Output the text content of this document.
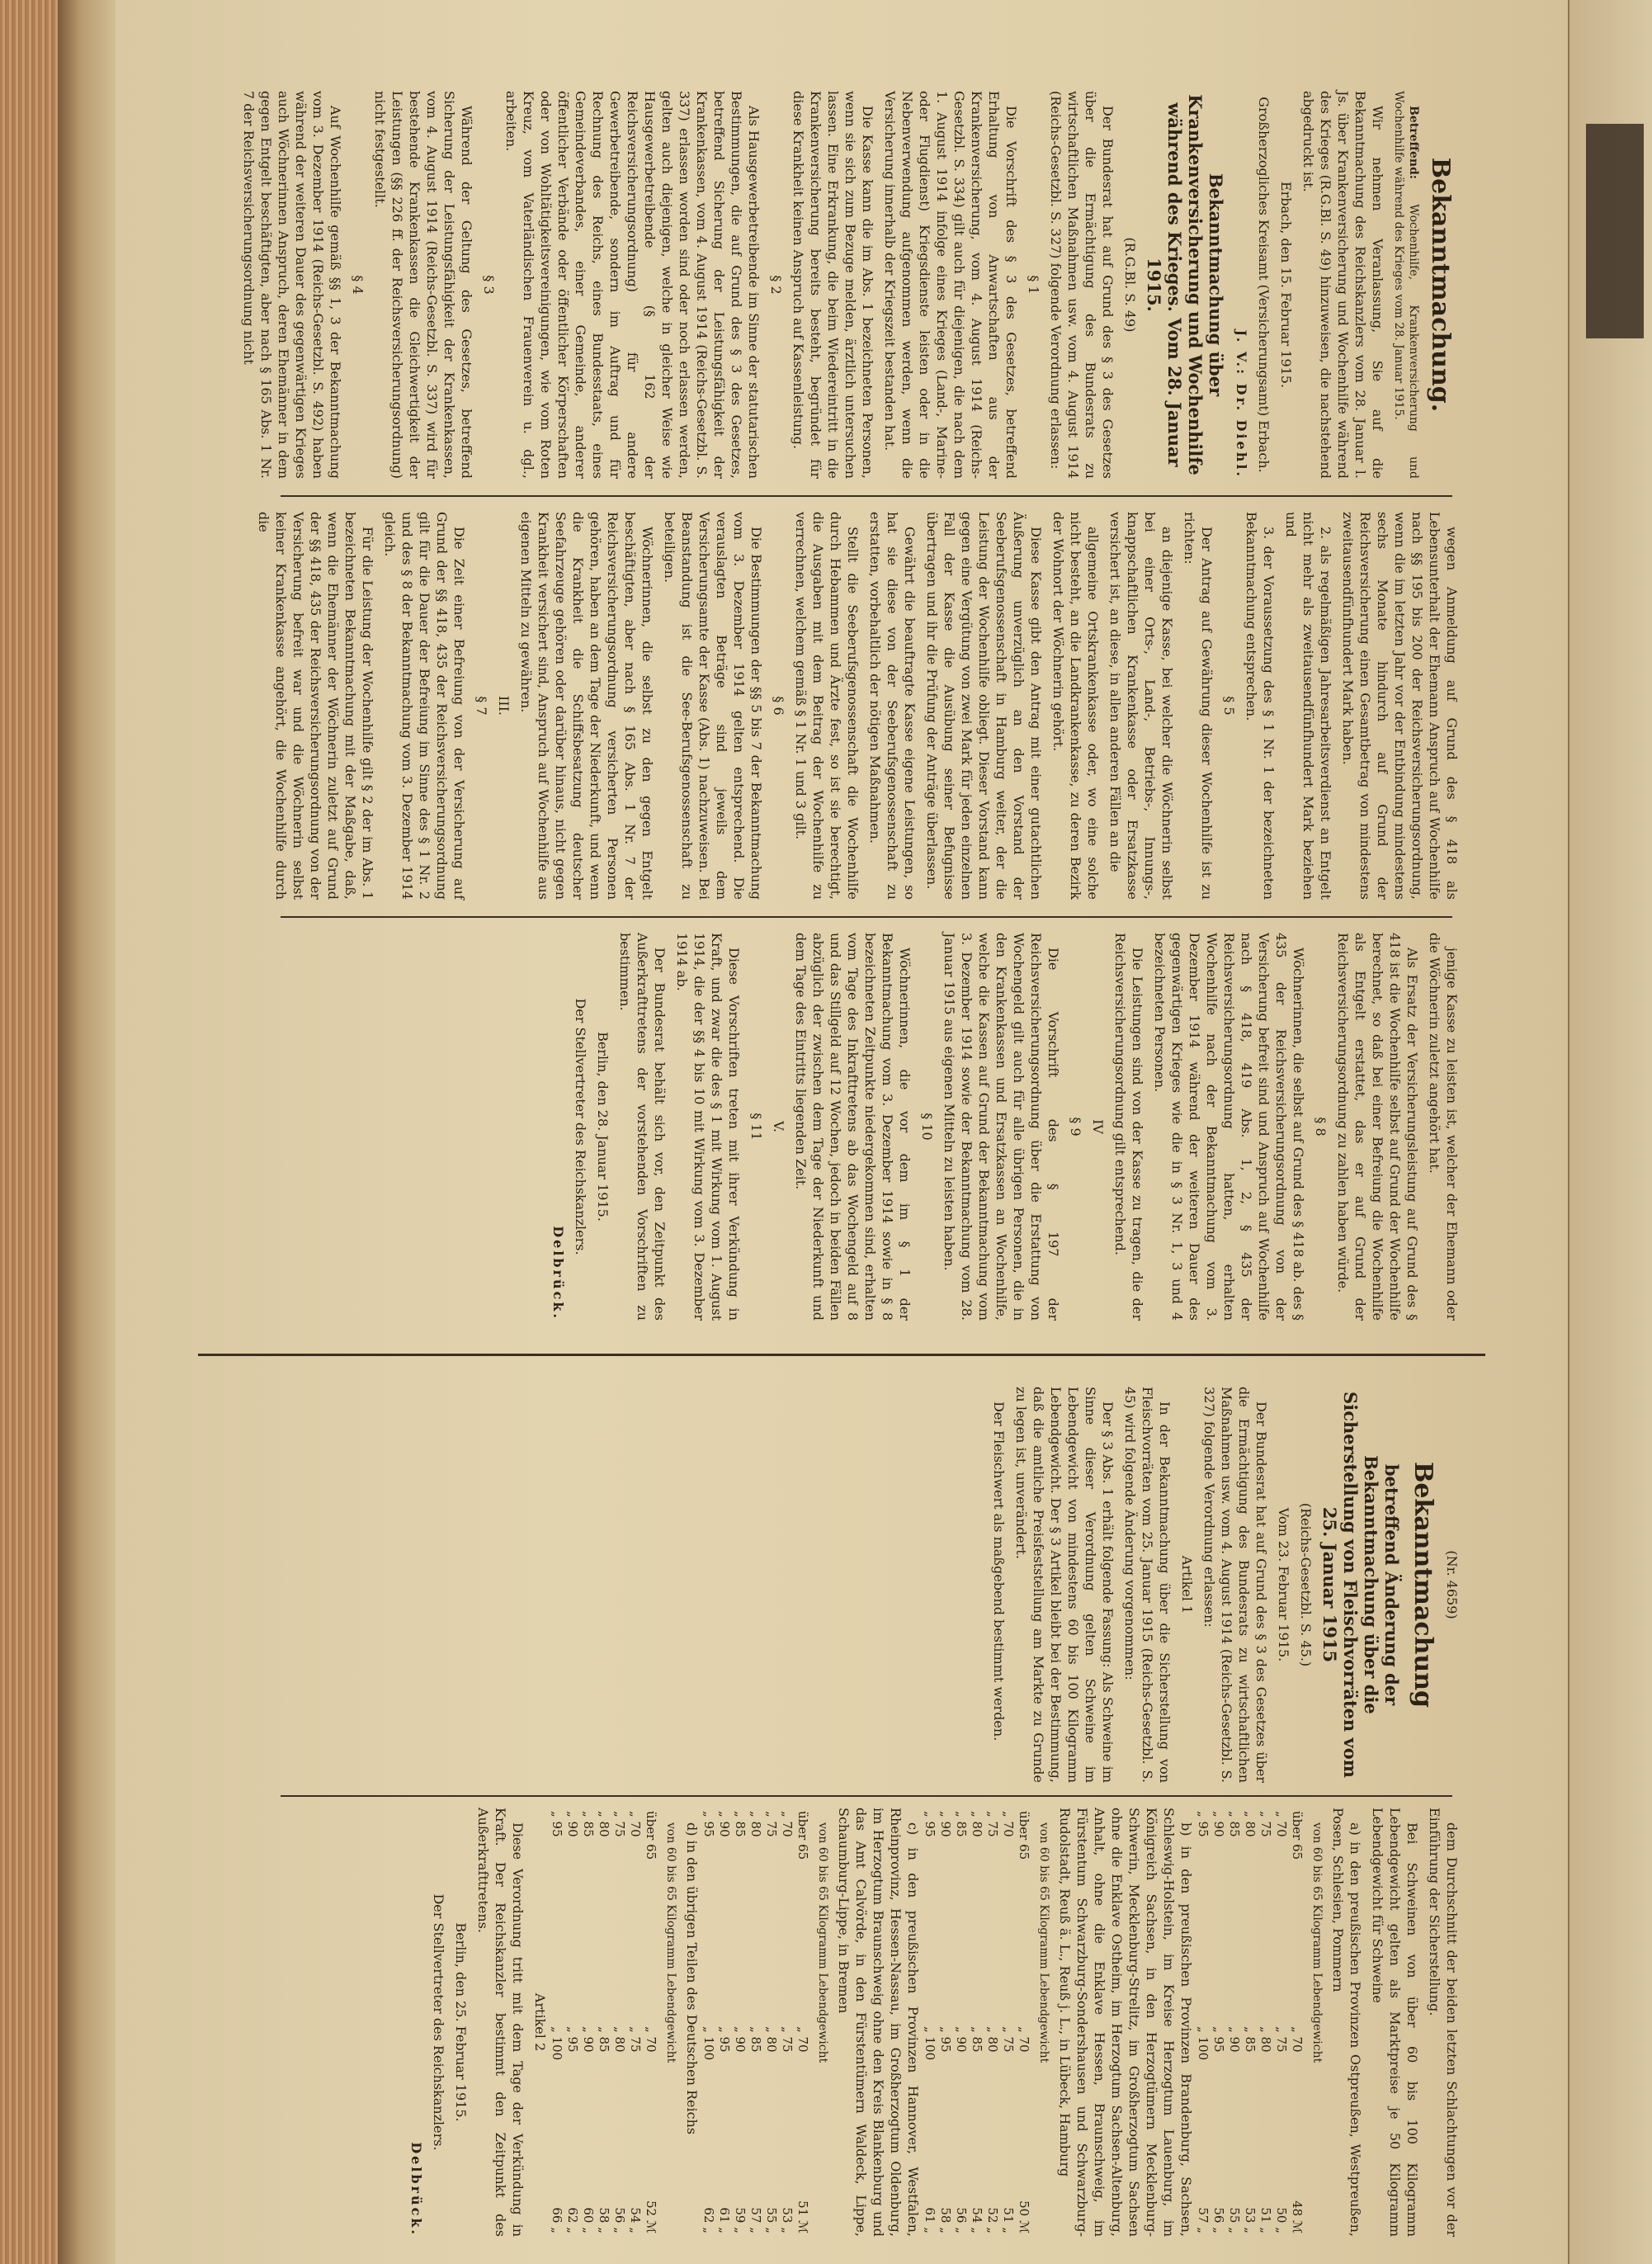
Bekanntmachung.

Betreffend: Wochenhilfe, Krankenversicherung und Wochenhilfe während des Krieges vom 28. Januar 1915.

Wir nehmen Veranlassung, Sie auf die Bekanntmachung des Reichskanzlers vom 28. Januar l. Js. über Krankenversicherung und Wochenhilfe während des Krieges (R.G.Bl. S. 49) hinzuweisen, die nachstehend abgedruckt ist.

Erbach, den 15. Februar 1915.

Großherzogliches Kreisamt (Versicherungsamt) Erbach.

J. V.: Dr. Diehl.

Bekanntmachung über Krankenversicherung und Wochenhilfe während des Krieges. Vom 28. Januar 1915.

(R.G.Bl. S. 49)

Der Bundesrat hat auf Grund des § 3 des Gesetzes über die Ermächtigung des Bundesrats zu wirtschaftlichen Maßnahmen usw. vom 4. August 1914 (Reichs-Gesetzbl. S. 327) folgende Verordnung erlassen:

§ 1

Die Vorschrift des § 3 des Gesetzes, betreffend Erhaltung von Anwartschaften aus der Krankenversicherung, vom 4. August 1914 (Reichs-Gesetzbl. S. 334) gilt auch für diejenigen, die nach dem 1. August 1914 infolge eines Krieges (Land-, Marine- oder Flugdienst) Kriegsdienste leisten oder in die Nebenverwendung aufgenommen werden, wenn die Versicherung innerhalb der Kriegszeit bestanden hat.

Die Kasse kann die im Abs. 1 bezeichneten Personen, wenn sie sich zum Bezuge melden, ärztlich untersuchen lassen. Eine Erkrankung, die beim Wiedereintritt in die Krankenversicherung bereits besteht, begründet für diese Krankheit keinen Anspruch auf Kassenleistung.

§ 2

Als Hausgewerbetreibende im Sinne der statutarischen Bestimmungen, die auf Grund des § 3 des Gesetzes, betreffend Sicherung der Leistungsfähigkeit der Krankenkassen, vom 4. August 1914 (Reichs-Gesetzbl. S. 337) erlassen worden sind oder noch erlassen werden, gelten auch diejenigen, welche in gleicher Weise wie Hausgewerbetreibende (§ 162 der Reichsversicherungsordnung) für andere Gewerbetreibende, sondern im Auftrag und für Rechnung des Reichs, eines Bundesstaats, eines Gemeindeverbandes, einer Gemeinde, anderer öffentlicher Verbände oder öffentlicher Körperschaften oder von Wohltätigkeitsvereinigungen, wie vom Roten Kreuz, vom Vaterländischen Frauenverein u. dgl., arbeiten.

§ 3

Während der Geltung des Gesetzes, betreffend Sicherung der Leistungsfähigkeit der Krankenkassen, vom 4. August 1914 (Reichs-Gesetzbl. S. 337) wird für bestehende Krankenkassen die Gleichwertigkeit der Leistungen (§§ 226 ff. der Reichsversicherungsordnung) nicht festgestellt.

§ 4

Auf Wochenhilfe gemäß §§ 1, 3 der Bekanntmachung vom 3. Dezember 1914 (Reichs-Gesetzbl. S. 492) haben während der weiteren Dauer des gegenwärtigen Krieges auch Wöchnerinnen Anspruch, deren Ehemänner in dem gegen Entgelt beschäftigten, aber nach § 165 Abs. 1 Nr. 7 der Reichsversicherungsordnung nicht

wegen Anmeldung auf Grund des § 418 als Lebensunterhalt der Ehemann Anspruch auf Wochenhilfe nach §§ 195 bis 200 der Reichsversicherungsordnung, wenn die im letzten Jahr vor der Entbindung mindestens sechs Monate hindurch auf Grund der Reichsversicherung einen Gesamtbetrag von mindestens zweitausendfünfhundert Mark haben.

2. als regelmäßigen Jahresarbeitsverdienst an Entgelt nicht mehr als zweitausendfünfhundert Mark beziehen und

3. der Voraussetzung des § 1 Nr. 1 der bezeichneten Bekanntmachung entsprechen.

§ 5

Der Antrag auf Gewährung dieser Wochenhilfe ist zu richten:

an diejenige Kasse, bei welcher die Wöchnerin selbst bei einer Orts-, Land-, Betriebs-, Innungs-, knappschaftlichen Krankenkasse oder Ersatzkasse versichert ist, an diese, in allen anderen Fällen an die

allgemeine Ortskrankenkasse oder, wo eine solche nicht besteht, an die Landkrankenkasse, zu deren Bezirk der Wohnort der Wöchnerin gehört.

Diese Kasse gibt den Antrag mit einer gutachtlichen Äußerung unverzüglich an den Vorstand der Seeberufsgenossenschaft in Hamburg weiter, der die Leistung der Wochenhilfe obliegt. Dieser Vorstand kann gegen eine Vergütung von zwei Mark für jeden einzelnen Fall der Kasse die Ausübung seiner Befugnisse übertragen und ihr die Prüfung der Anträge überlassen.

Gewährt die beauftragte Kasse eigene Leistungen, so hat sie diese von der Seeberufsgenossenschaft zu erstatten, vorbehaltlich der nötigen Maßnahmen.

Stellt die Seeberufsgenossenschaft die Wochenhilfe durch Hebammen und Ärzte fest, so ist sie berechtigt, die Ausgaben mit dem Beitrag der Wochenhilfe zu verrechnen, welchem gemäß § 1 Nr. 1 und 3 gilt.

§ 6

Die Bestimmungen der §§ 5 bis 7 der Bekanntmachung vom 3. Dezember 1914 gelten entsprechend. Die verauslagten Beträge sind jeweils dem Versicherungsamte der Kasse (Abs. 1) nachzuweisen. Bei Beanstandung ist die See-Berufsgenossenschaft zu beteiligen.

Wöchnerinnen, die selbst zu den gegen Entgelt beschäftigten, aber nach § 165 Abs. 1 Nr. 7 der Reichsversicherungsordnung versicherten Personen gehören, haben an dem Tage der Niederkunft, und wenn die Krankheit die Schiffsbesatzung deutscher Seefahrzeuge gehören oder darüber hinaus, nicht gegen Krankheit versichert sind, Anspruch auf Wochenhilfe aus eigenen Mitteln zu gewähren.

III.

§ 7

Die Zeit einer Befreiung von der Versicherung auf Grund der §§ 418, 435 der Reichsversicherungsordnung gilt für die Dauer der Befreiung im Sinne des § 1 Nr. 2 und des § 8 der Bekanntmachung vom 3. Dezember 1914 gleich.

Für die Leistung der Wochenhilfe gilt § 2 der im Abs. 1 bezeichneten Bekanntmachung mit der Maßgabe, daß, wenn die Ehemänner der Wöchnerin zuletzt auf Grund der §§ 418, 435 der Reichsversicherungsordnung von der Versicherung befreit war und die Wöchnerin selbst keiner Krankenkasse angehört, die Wochenhilfe durch die

jenige Kasse zu leisten ist, welcher der Ehemann oder die Wöchnerin zuletzt angehört hat.

Als Ersatz der Versicherungsleistung auf Grund des § 418 ist die Wochenhilfe selbst auf Grund der Wochenhilfe berechnet, so daß bei einer Befreiung die Wochenhilfe als Entgelt erstattet, das er auf Grund der Reichsversicherungsordnung zu zahlen haben würde.

§ 8

Wöchnerinnen, die selbst auf Grund des § 418 ab. des § 435 der Reichsversicherungsordnung von der Versicherung befreit sind und Anspruch auf Wochenhilfe nach § 418, 419 Abs. 1, 2, § 435 der Reichsversicherungsordnung hatten, erhalten Wochenhilfe nach der Bekanntmachung vom 3. Dezember 1914 während der weiteren Dauer des gegenwärtigen Krieges wie die in § 3 Nr. 1, 3 und 4 bezeichneten Personen.

Die Leistungen sind von der Kasse zu tragen, die der Reichsversicherungsordnung gilt entsprechend.

IV

§ 9

Die Vorschrift des § 197 der Reichsversicherungsordnung über die Erstattung von Wochengeld gilt auch für alle übrigen Personen, die in den Krankenkassen und Ersatzkassen an Wochenhilfe, welche die Kassen auf Grund der Bekanntmachung vom 3. Dezember 1914 sowie der Bekanntmachung vom 28. Januar 1915 aus eigenen Mitteln zu leisten haben.

§ 10

Wöchnerinnen, die vor dem im § 1 der Bekanntmachung vom 3. Dezember 1914 sowie in § 8 bezeichneten Zeitpunkte niedergekommen sind, erhalten vom Tage des Inkrafttretens ab das Wochengeld auf 8 und das Stillgeld auf 12 Wochen, jedoch in beiden Fällen abzüglich der zwischen dem Tage der Niederkunft und dem Tage des Eintritts liegenden Zeit.

V.

§ 11

Diese Vorschriften treten mit ihrer Verkündung in Kraft, und zwar die des § 1 mit Wirkung vom 1. August 1914, die der §§ 4 bis 10 mit Wirkung vom 3. Dezember 1914 ab.

Der Bundesrat behält sich vor, den Zeitpunkt des Außerkrafttretens der vorstehenden Vorschriften zu bestimmen.

Berlin, den 28. Januar 1915.

Der Stellvertreter des Reichskanzlers.

Delbrück.

(Nr. 4659)

Bekanntmachung
betreffend Änderung der Bekanntmachung über die Sicherstellung von Fleischvorräten vom 25. Januar 1915

(Reichs-Gesetzbl. S. 45.)

Vom 23. Februar 1915.

Der Bundesrat hat auf Grund des § 3 des Gesetzes über die Ermächtigung des Bundesrats zu wirtschaftlichen Maßnahmen usw. vom 4. August 1914 (Reichs-Gesetzbl. S. 327) folgende Verordnung erlassen:

Artikel 1

In der Bekanntmachung über die Sicherstellung von Fleischvorräten vom 25. Januar 1915 (Reichs-Gesetzbl. S. 45) wird folgende Änderung vorgenommen:

Der § 3 Abs. 1 erhält folgende Fassung: Als Schweine im Sinne dieser Verordnung gelten Schweine im Lebendgewicht von mindestens 60 bis 100 Kilogramm Lebendgewicht. Der § 3 Artikel bleibt bei der Bestimmung, daß die amtliche Preisfeststellung am Markte zu Grunde zu legen ist, unverändert.

Der Fleischwert als maßgebend bestimmt werden.

dem Durchschnitt der beiden letzten Schlachtungen vor der Einführung der Sicherstellung.

Bei Schweinen von über 60 bis 100 Kilogramm Lebendgewicht gelten als Marktpreise je 50 Kilogramm Lebendgewicht für Schweine

a) in den preußischen Provinzen Ostpreußen, Westpreußen, Posen, Schlesien, Pommern

von 60 bis 65 Kilogramm Lebendgewicht

über 65	„ 70	48 ℳ
„ 70	„ 75	50 „
„ 75	„ 80	51 „
„ 80	„ 85	53 „
„ 85	„ 90	55 „
„ 90	„ 95	56 „
„ 95	„ 100	57 „

b) in den preußischen Provinzen Brandenburg, Sachsen, Schleswig-Holstein, im Kreise Herzogtum Lauenburg, im Königreich Sachsen, in den Herzogtümern Mecklenburg-Schwerin, Mecklenburg-Strelitz, im Großherzogtum Sachsen ohne die Enklave Ostheim, im Herzogtum Sachsen-Altenburg, Anhalt, ohne die Enklave Hessen, Braunschweig, im Fürstentum Schwarzburg-Sondershausen und Schwarzburg-Rudolstadt, Reuß ä. L., Reuß j. L., in Lübeck, Hamburg

von 60 bis 65 Kilogramm Lebendgewicht

über 65	„ 70	50 ℳ
„ 70	„ 75	51 „
„ 75	„ 80	52 „
„ 80	„ 85	54 „
„ 85	„ 90	56 „
„ 90	„ 95	58 „
„ 95	„ 100	61 „

c) in den preußischen Provinzen Hannover, Westfalen, Rheinprovinz, Hessen-Nassau, im Großherzogtum Oldenburg, im Herzogtum Braunschweig ohne den Kreis Blankenburg und das Amt Calvörde, in den Fürstentümern Waldeck, Lippe, Schaumburg-Lippe, in Bremen

von 60 bis 65 Kilogramm Lebendgewicht

über 65	„ 70	51 ℳ
„ 70	„ 75	53 „
„ 75	„ 80	55 „
„ 80	„ 85	57 „
„ 85	„ 90	59 „
„ 90	„ 95	61 „
„ 95	„ 100	62 „

d) in den übrigen Teilen des Deutschen Reichs

von 60 bis 65 Kilogramm Lebendgewicht

über 65	„ 70	52 ℳ
„ 70	„ 75	54 „
„ 75	„ 80	56 „
„ 80	„ 85	58 „
„ 85	„ 90	60 „
„ 90	„ 95	62 „
„ 95	„ 100	66 „

Artikel 2

Diese Verordnung tritt mit dem Tage der Verkündung in Kraft. Der Reichskanzler bestimmt den Zeitpunkt des Außerkrafttretens.

Berlin, den 25. Februar 1915.

Der Stellvertreter des Reichskanzlers.

Delbrück.
